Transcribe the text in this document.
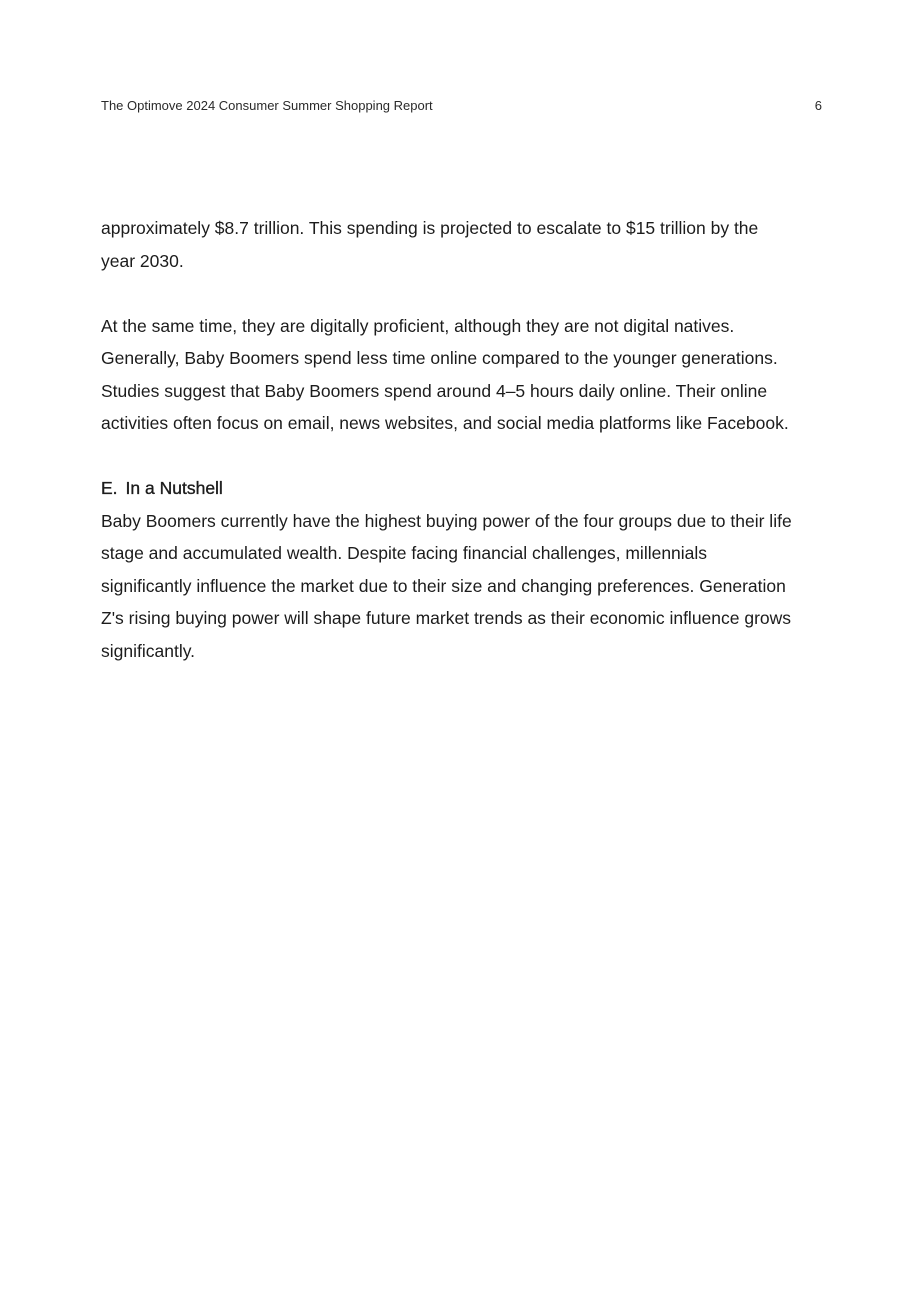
The Optimove 2024 Consumer Summer Shopping Report	6

approximately $8.7 trillion. This spending is projected to escalate to $15 trillion by the year 2030.

At the same time, they are digitally proficient, although they are not digital natives. Generally, Baby Boomers spend less time online compared to the younger generations. Studies suggest that Baby Boomers spend around 4–5 hours daily online. Their online activities often focus on email, news websites, and social media platforms like Facebook.

E. In a Nutshell

Baby Boomers currently have the highest buying power of the four groups due to their life stage and accumulated wealth. Despite facing financial challenges, millennials significantly influence the market due to their size and changing preferences. Generation Z's rising buying power will shape future market trends as their economic influence grows significantly.
